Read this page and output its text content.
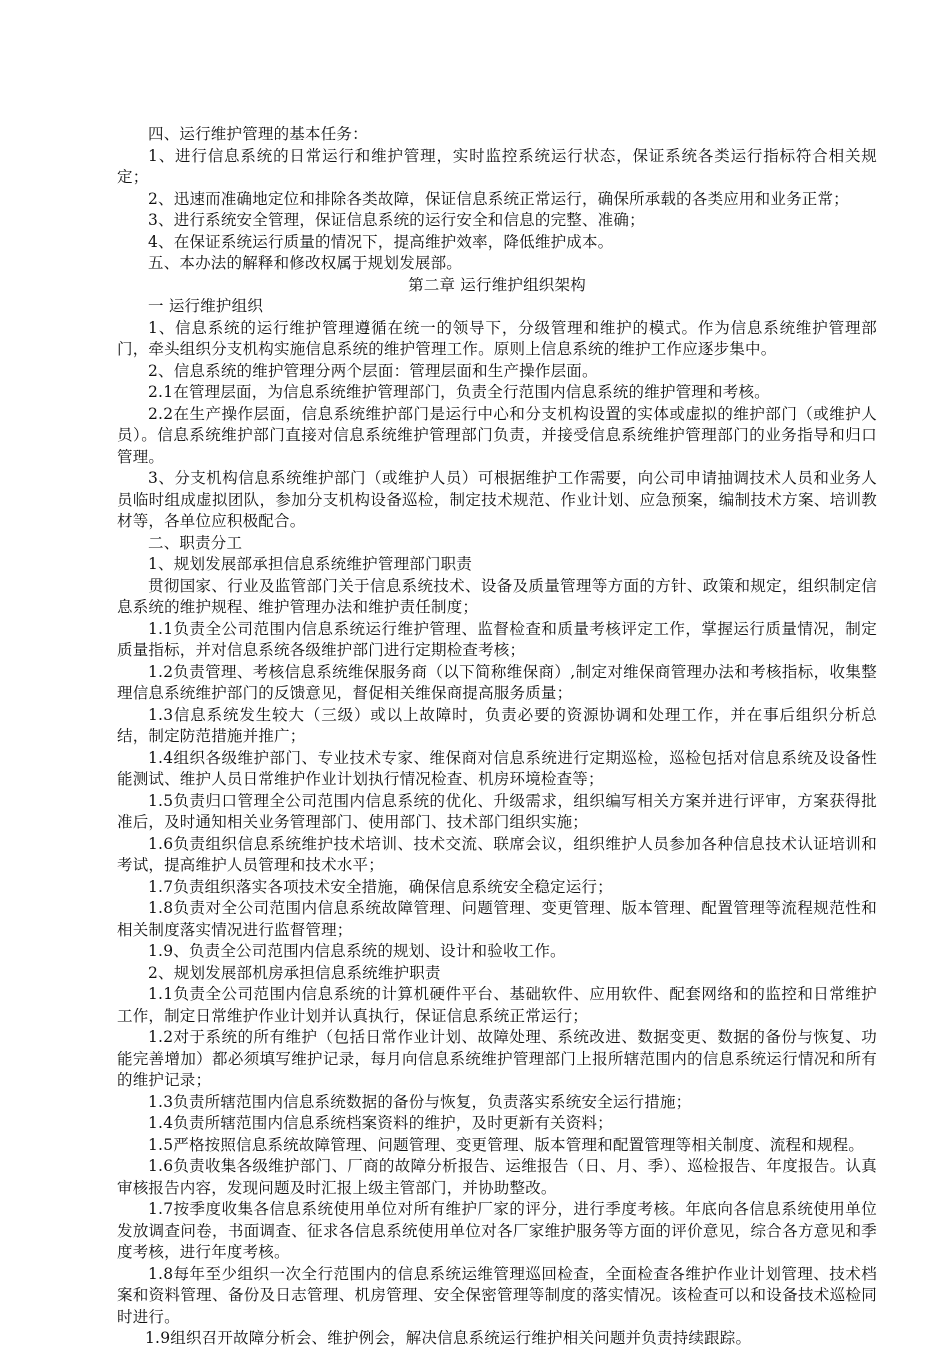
四、运行维护管理的基本任务：

1、进行信息系统的日常运行和维护管理，实时监控系统运行状态，保证系统各类运行指标符合相关规定；

2、迅速而准确地定位和排除各类故障，保证信息系统正常运行，确保所承载的各类应用和业务正常；

3、进行系统安全管理，保证信息系统的运行安全和信息的完整、准确；

4、在保证系统运行质量的情况下，提高维护效率，降低维护成本。

五、本办法的解释和修改权属于规划发展部。

第二章 运行维护组织架构

一 运行维护组织

1、信息系统的运行维护管理遵循在统一的领导下，分级管理和维护的模式。作为信息系统维护管理部门，牵头组织分支机构实施信息系统的维护管理工作。原则上信息系统的维护工作应逐步集中。

2、信息系统的维护管理分两个层面：管理层面和生产操作层面。

2.1在管理层面，为信息系统维护管理部门，负责全行范围内信息系统的维护管理和考核。

2.2在生产操作层面，信息系统维护部门是运行中心和分支机构设置的实体或虚拟的维护部门（或维护人员）。信息系统维护部门直接对信息系统维护管理部门负责，并接受信息系统维护管理部门的业务指导和归口管理。

3、分支机构信息系统维护部门（或维护人员）可根据维护工作需要，向公司申请抽调技术人员和业务人员临时组成虚拟团队，参加分支机构设备巡检，制定技术规范、作业计划、应急预案，编制技术方案、培训教材等，各单位应积极配合。

二、职责分工

1、规划发展部承担信息系统维护管理部门职责

贯彻国家、行业及监管部门关于信息系统技术、设备及质量管理等方面的方针、政策和规定，组织制定信息系统的维护规程、维护管理办法和维护责任制度；

1.1负责全公司范围内信息系统运行维护管理、监督检查和质量考核评定工作，掌握运行质量情况，制定质量指标，并对信息系统各级维护部门进行定期检查考核；

1.2负责管理、考核信息系统维保服务商（以下简称维保商）,制定对维保商管理办法和考核指标，收集整理信息系统维护部门的反馈意见，督促相关维保商提高服务质量；

1.3信息系统发生较大（三级）或以上故障时，负责必要的资源协调和处理工作，并在事后组织分析总结，制定防范措施并推广；

1.4组织各级维护部门、专业技术专家、维保商对信息系统进行定期巡检，巡检包括对信息系统及设备性能测试、维护人员日常维护作业计划执行情况检查、机房环境检查等；

1.5负责归口管理全公司范围内信息系统的优化、升级需求，组织编写相关方案并进行评审，方案获得批准后，及时通知相关业务管理部门、使用部门、技术部门组织实施；

1.6负责组织信息系统维护技术培训、技术交流、联席会议，组织维护人员参加各种信息技术认证培训和考试，提高维护人员管理和技术水平；

1.7负责组织落实各项技术安全措施，确保信息系统安全稳定运行；

1.8负责对全公司范围内信息系统故障管理、问题管理、变更管理、版本管理、配置管理等流程规范性和相关制度落实情况进行监督管理；

1.9、负责全公司范围内信息系统的规划、设计和验收工作。

2、规划发展部机房承担信息系统维护职责

1.1负责全公司范围内信息系统的计算机硬件平台、基础软件、应用软件、配套网络和的监控和日常维护工作，制定日常维护作业计划并认真执行，保证信息系统正常运行；

1.2对于系统的所有维护（包括日常作业计划、故障处理、系统改进、数据变更、数据的备份与恢复、功能完善增加）都必须填写维护记录，每月向信息系统维护管理部门上报所辖范围内的信息系统运行情况和所有的维护记录；

1.3负责所辖范围内信息系统数据的备份与恢复，负责落实系统安全运行措施；

1.4负责所辖范围内信息系统档案资料的维护，及时更新有关资料；

1.5严格按照信息系统故障管理、问题管理、变更管理、版本管理和配置管理等相关制度、流程和规程。

1.6负责收集各级维护部门、厂商的故障分析报告、运维报告（日、月、季）、巡检报告、年度报告。认真审核报告内容，发现问题及时汇报上级主管部门，并协助整改。

1.7按季度收集各信息系统使用单位对所有维护厂家的评分，进行季度考核。年底向各信息系统使用单位发放调查问卷，书面调查、征求各信息系统使用单位对各厂家维护服务等方面的评价意见，综合各方意见和季度考核，进行年度考核。

1.8每年至少组织一次全行范围内的信息系统运维管理巡回检查，全面检查各维护作业计划管理、技术档案和资料管理、备份及日志管理、机房管理、安全保密管理等制度的落实情况。该检查可以和设备技术巡检同时进行。

1.9组织召开故障分析会、维护例会，解决信息系统运行维护相关问题并负责持续跟踪。
